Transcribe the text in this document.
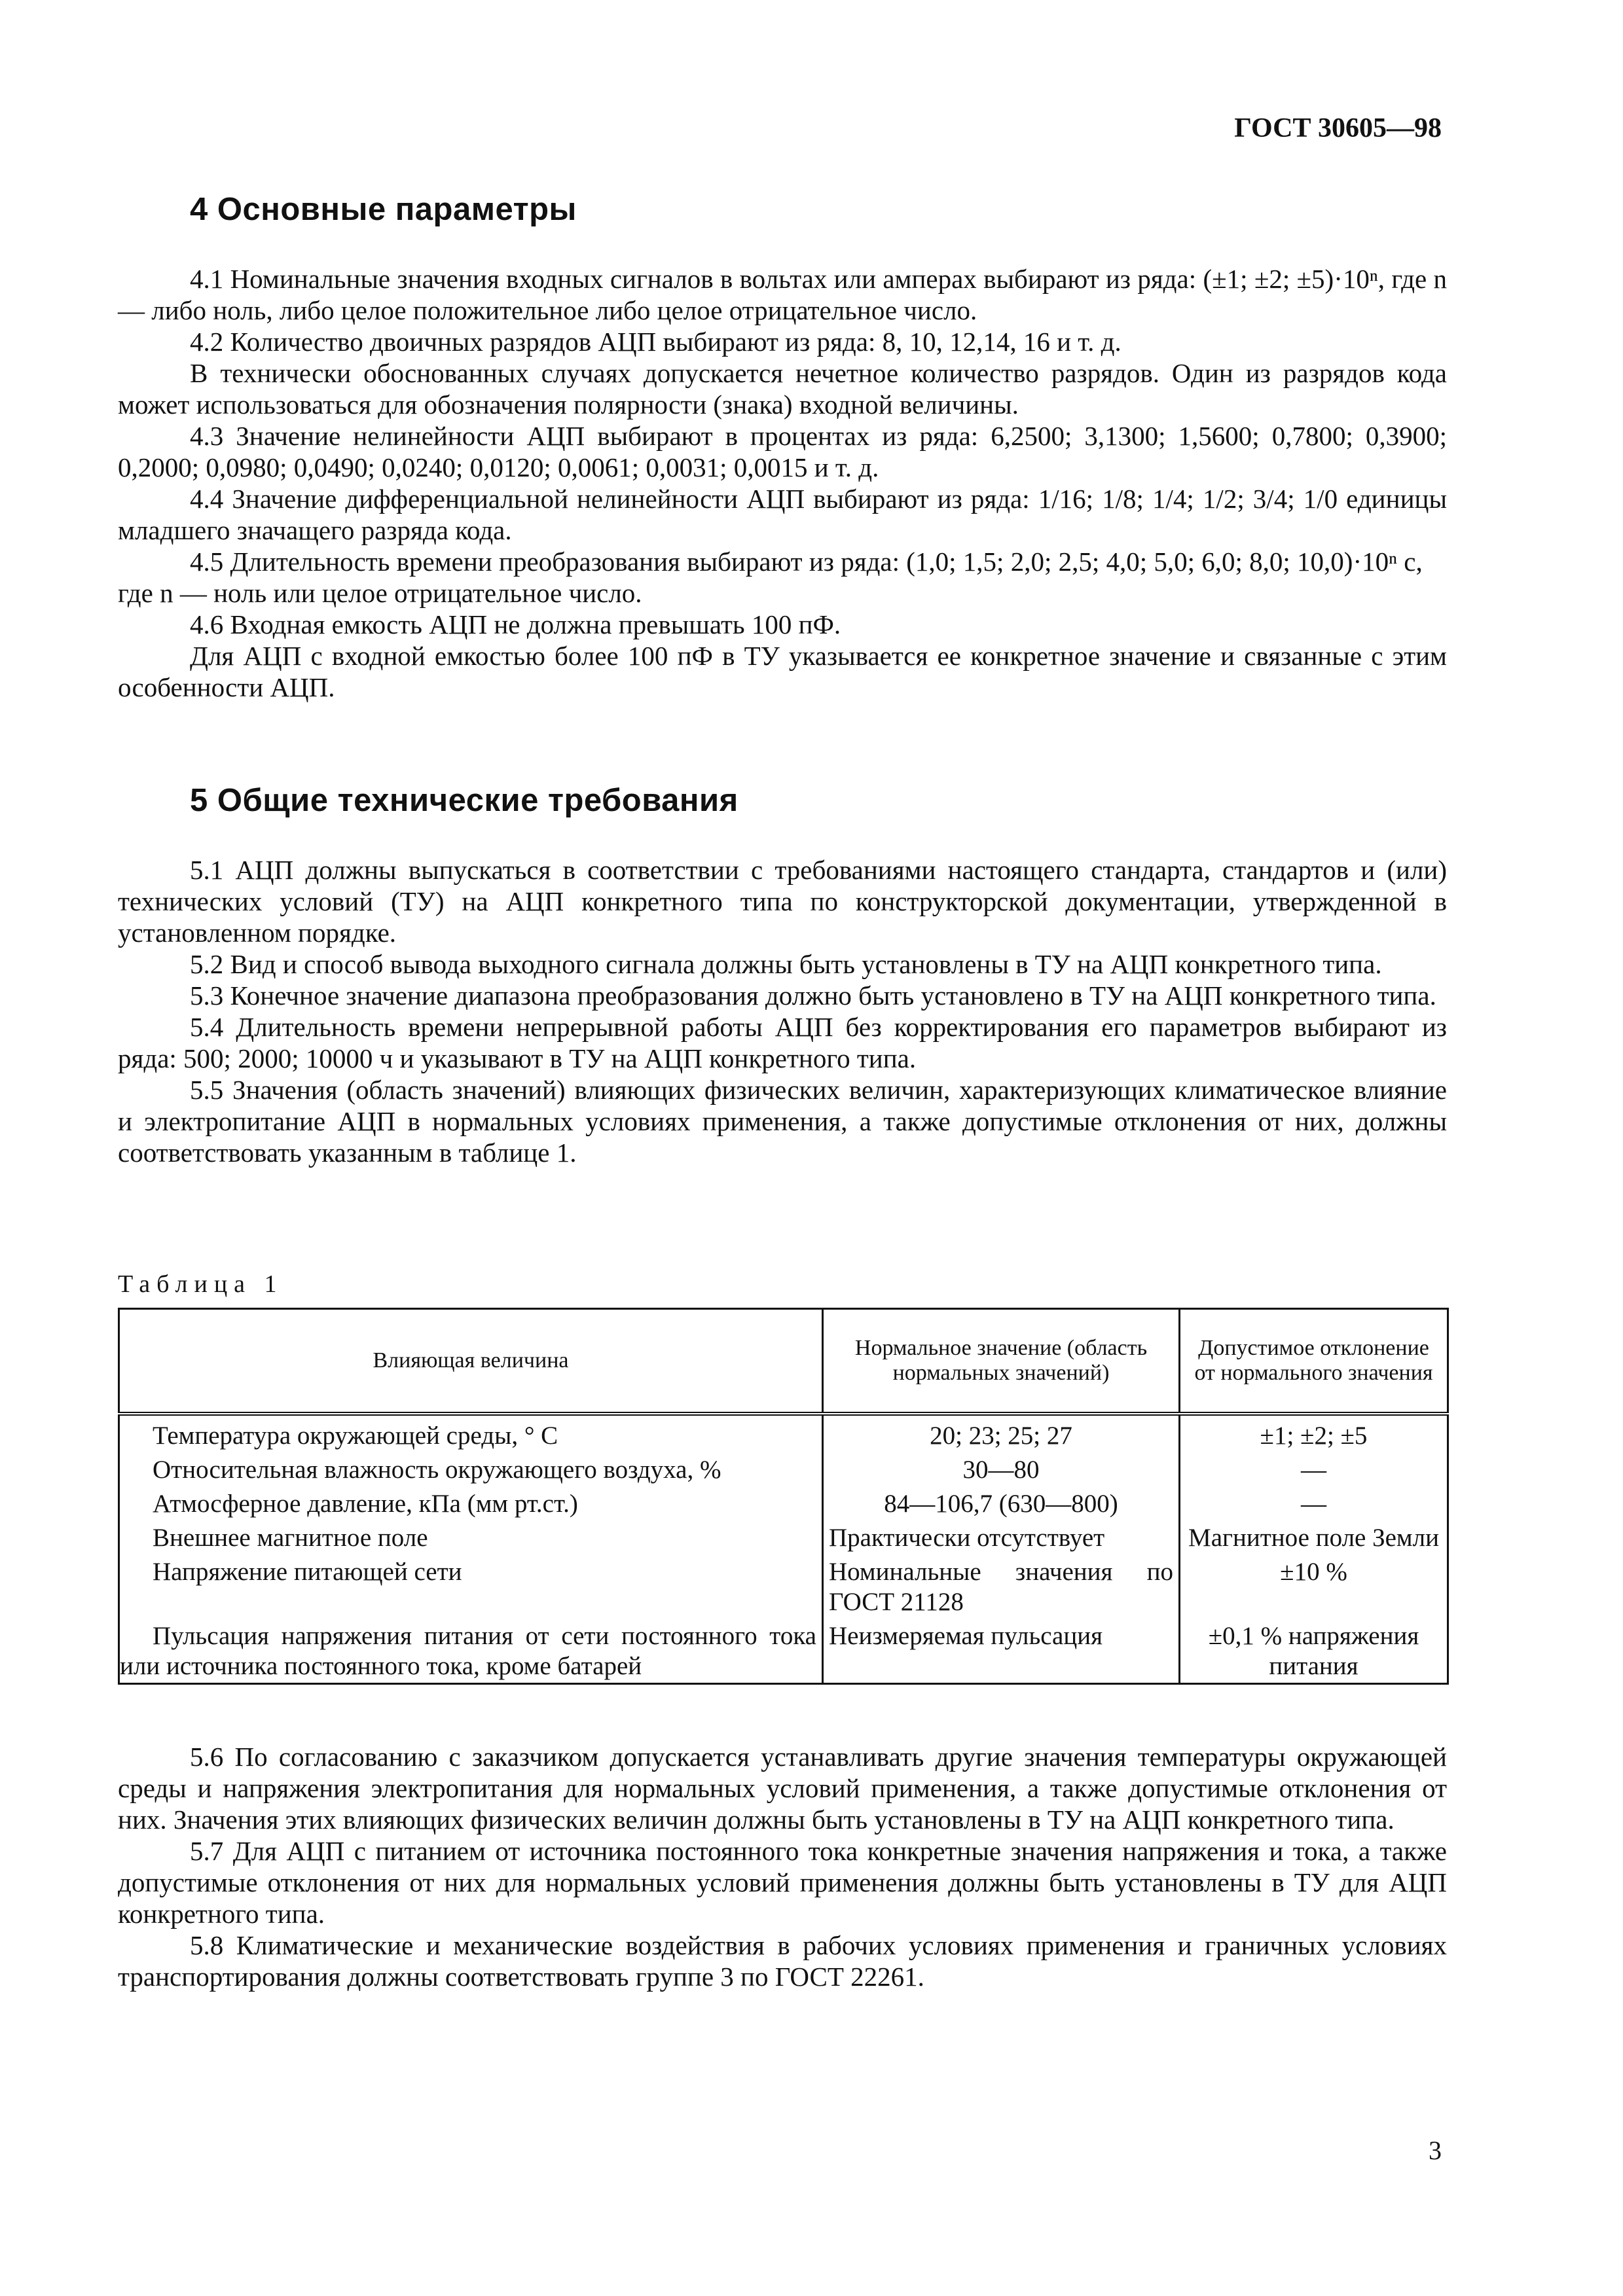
ГОСТ 30605—98

4 Основные параметры

4.1 Номинальные значения входных сигналов в вольтах или амперах выбирают из ряда: (±1; ±2; ±5)·10ⁿ, где n — либо ноль, либо целое положительное либо целое отрицательное число.

4.2 Количество двоичных разрядов АЦП выбирают из ряда: 8, 10, 12,14, 16 и т. д.

В технически обоснованных случаях допускается нечетное количество разрядов. Один из разрядов кода может использоваться для обозначения полярности (знака) входной величины.

4.3 Значение нелинейности АЦП выбирают в процентах из ряда: 6,2500; 3,1300; 1,5600; 0,7800; 0,3900; 0,2000; 0,0980; 0,0490; 0,0240; 0,0120; 0,0061; 0,0031; 0,0015 и т. д.

4.4 Значение дифференциальной нелинейности АЦП выбирают из ряда: 1/16; 1/8; 1/4; 1/2; 3/4; 1/0 единицы младшего значащего разряда кода.

4.5 Длительность времени преобразования выбирают из ряда: (1,0; 1,5; 2,0; 2,5; 4,0; 5,0; 6,0; 8,0; 10,0)·10ⁿ с,

где n — ноль или целое отрицательное число.

4.6 Входная емкость АЦП не должна превышать 100 пФ.

Для АЦП с входной емкостью более 100 пФ в ТУ указывается ее конкретное значение и связанные с этим особенности АЦП.

5 Общие технические требования

5.1 АЦП должны выпускаться в соответствии с требованиями настоящего стандарта, стандартов и (или) технических условий (ТУ) на АЦП конкретного типа по конструкторской документации, утвержденной в установленном порядке.

5.2 Вид и способ вывода выходного сигнала должны быть установлены в ТУ на АЦП конкретного типа.

5.3 Конечное значение диапазона преобразования должно быть установлено в ТУ на АЦП конкретного типа.

5.4 Длительность времени непрерывной работы АЦП без корректирования его параметров выбирают из ряда: 500; 2000; 10000 ч и указывают в ТУ на АЦП конкретного типа.

5.5 Значения (область значений) влияющих физических величин, характеризующих климатическое влияние и электропитание АЦП в нормальных условиях применения, а также допустимые отклонения от них, должны соответствовать указанным в таблице 1.

Таблица 1
Влияющая величина	Нормальное значение (область нормальных значений)	Допустимое отклонение от нормального значения
Температура окружающей среды, ° С	20; 23; 25; 27	±1; ±2; ±5
Относительная влажность окружающего воздуха, %	30—80	—
Атмосферное давление, кПа (мм рт.ст.)	84—106,7 (630—800)	—
Внешнее магнитное поле	Практически отсутствует	Магнитное поле Земли
Напряжение питающей сети	Номинальные значения по ГОСТ 21128	±10 %
Пульсация напряжения питания от сети постоянного тока или источника постоянного тока, кроме батарей	Неизмеряемая пульсация	±0,1 % напряжения питания

5.6 По согласованию с заказчиком допускается устанавливать другие значения температуры окружающей среды и напряжения электропитания для нормальных условий применения, а также допустимые отклонения от них. Значения этих влияющих физических величин должны быть установлены в ТУ на АЦП конкретного типа.

5.7 Для АЦП с питанием от источника постоянного тока конкретные значения напряжения и тока, а также допустимые отклонения от них для нормальных условий применения должны быть установлены в ТУ для АЦП конкретного типа.

5.8 Климатические и механические воздействия в рабочих условиях применения и граничных условиях транспортирования должны соответствовать группе 3 по ГОСТ 22261.

3
